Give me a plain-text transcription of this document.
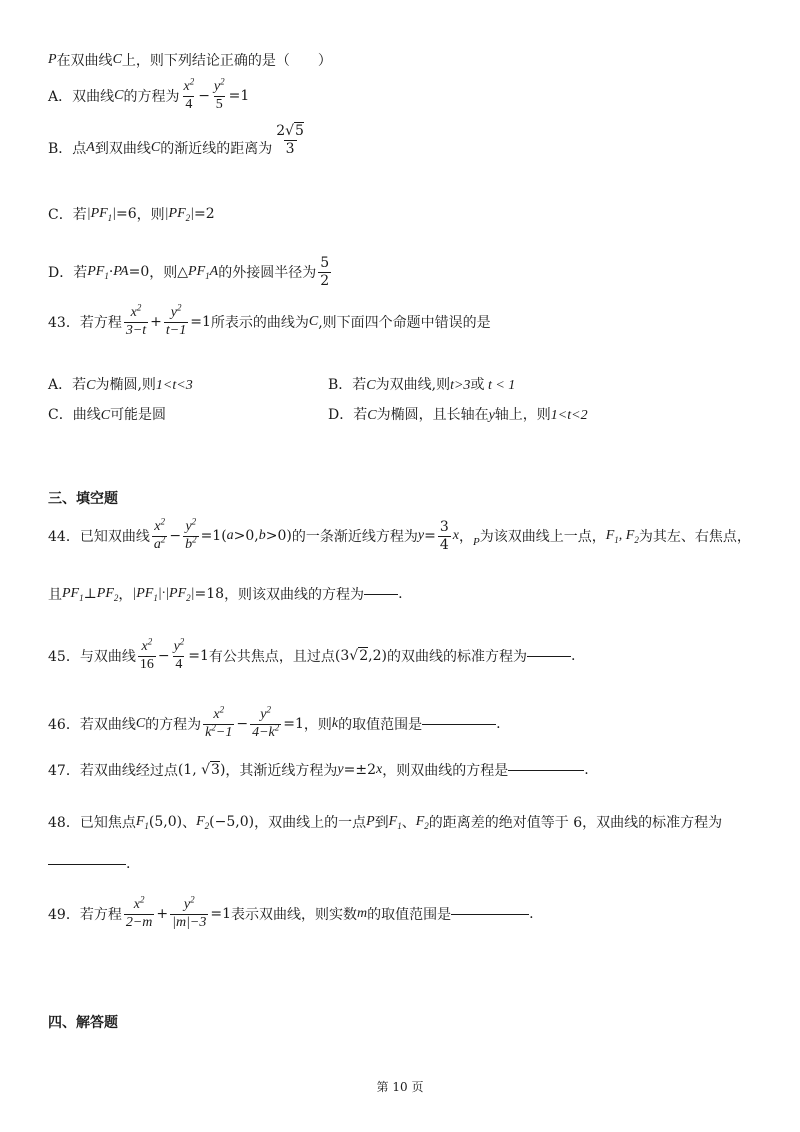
P 在双曲线 C 上，则下列结论正确的是（　　）
A．双曲线 C 的方程为 $\frac{x^2}{4} - \frac{y^2}{5} =1$
B．点 A 到双曲线 C 的渐近线的距离为 $\frac{2√5}{3}$
C．若 $|PF_1| =6$ ，则 $|PF_2| =2$
D．若 $PF_1$ · PA =0 ，则 △ $PF_1A$ 的外接圆半径为 $\frac{5}{2}$
43．若方程 $\frac{x^2}{3-t} + \frac{y^2}{t-1} =1$ 所表示的曲线为 C ,则下面四个命题中错误的是
A．若C为椭圆,则1<t<3	B．若C为双曲线,则t>3或 t < 1
C．曲线C可能是圆	D．若C为椭圆，且长轴在y轴上，则1<t<2
三、填空题
44．已知双曲线 $\frac{x^2}{a^2} - \frac{y^2}{b^2} =1$( a >0, b >0) 的一条渐近线方程为 $y = \frac{3}{4}$ x ， P 为该双曲线上一点， $F_1$, $F_2$ 为其左、右焦点，
且 $PF_1$ ⊥ $PF_2$ ， $|PF_1|\cdot|PF_2| =18$ ，则该双曲线的方程为 .
45．与双曲线 $\frac{x^2}{16} - \frac{y^2}{4} =1$ 有公共焦点，且过点 (3√2,2) 的双曲线的标准方程为	.
46．若双曲线 C 的方程为 $\frac{x^2}{k^2-1} - \frac{y^2}{4-k^2} =1$ ，则 k 的取值范围是	.
47．若双曲线经过点 (1, √3) ，其渐近线方程为 y =±2 x ，则双曲线的方程是	.
48．已知焦点 $F_1$ (5,0) 、 $F_2$ (−5,0) ，双曲线上的一点 P 到 $F_1$ 、 $F_2$ 的距离差的绝对值等于 6，双曲线的标准方程为
.
49．若方程 $\frac{x^2}{2-m} + \frac{y^2}{|m|-3} =1$ 表示双曲线，则实数 m 的取值范围是	.
四、解答题
第 10 页
